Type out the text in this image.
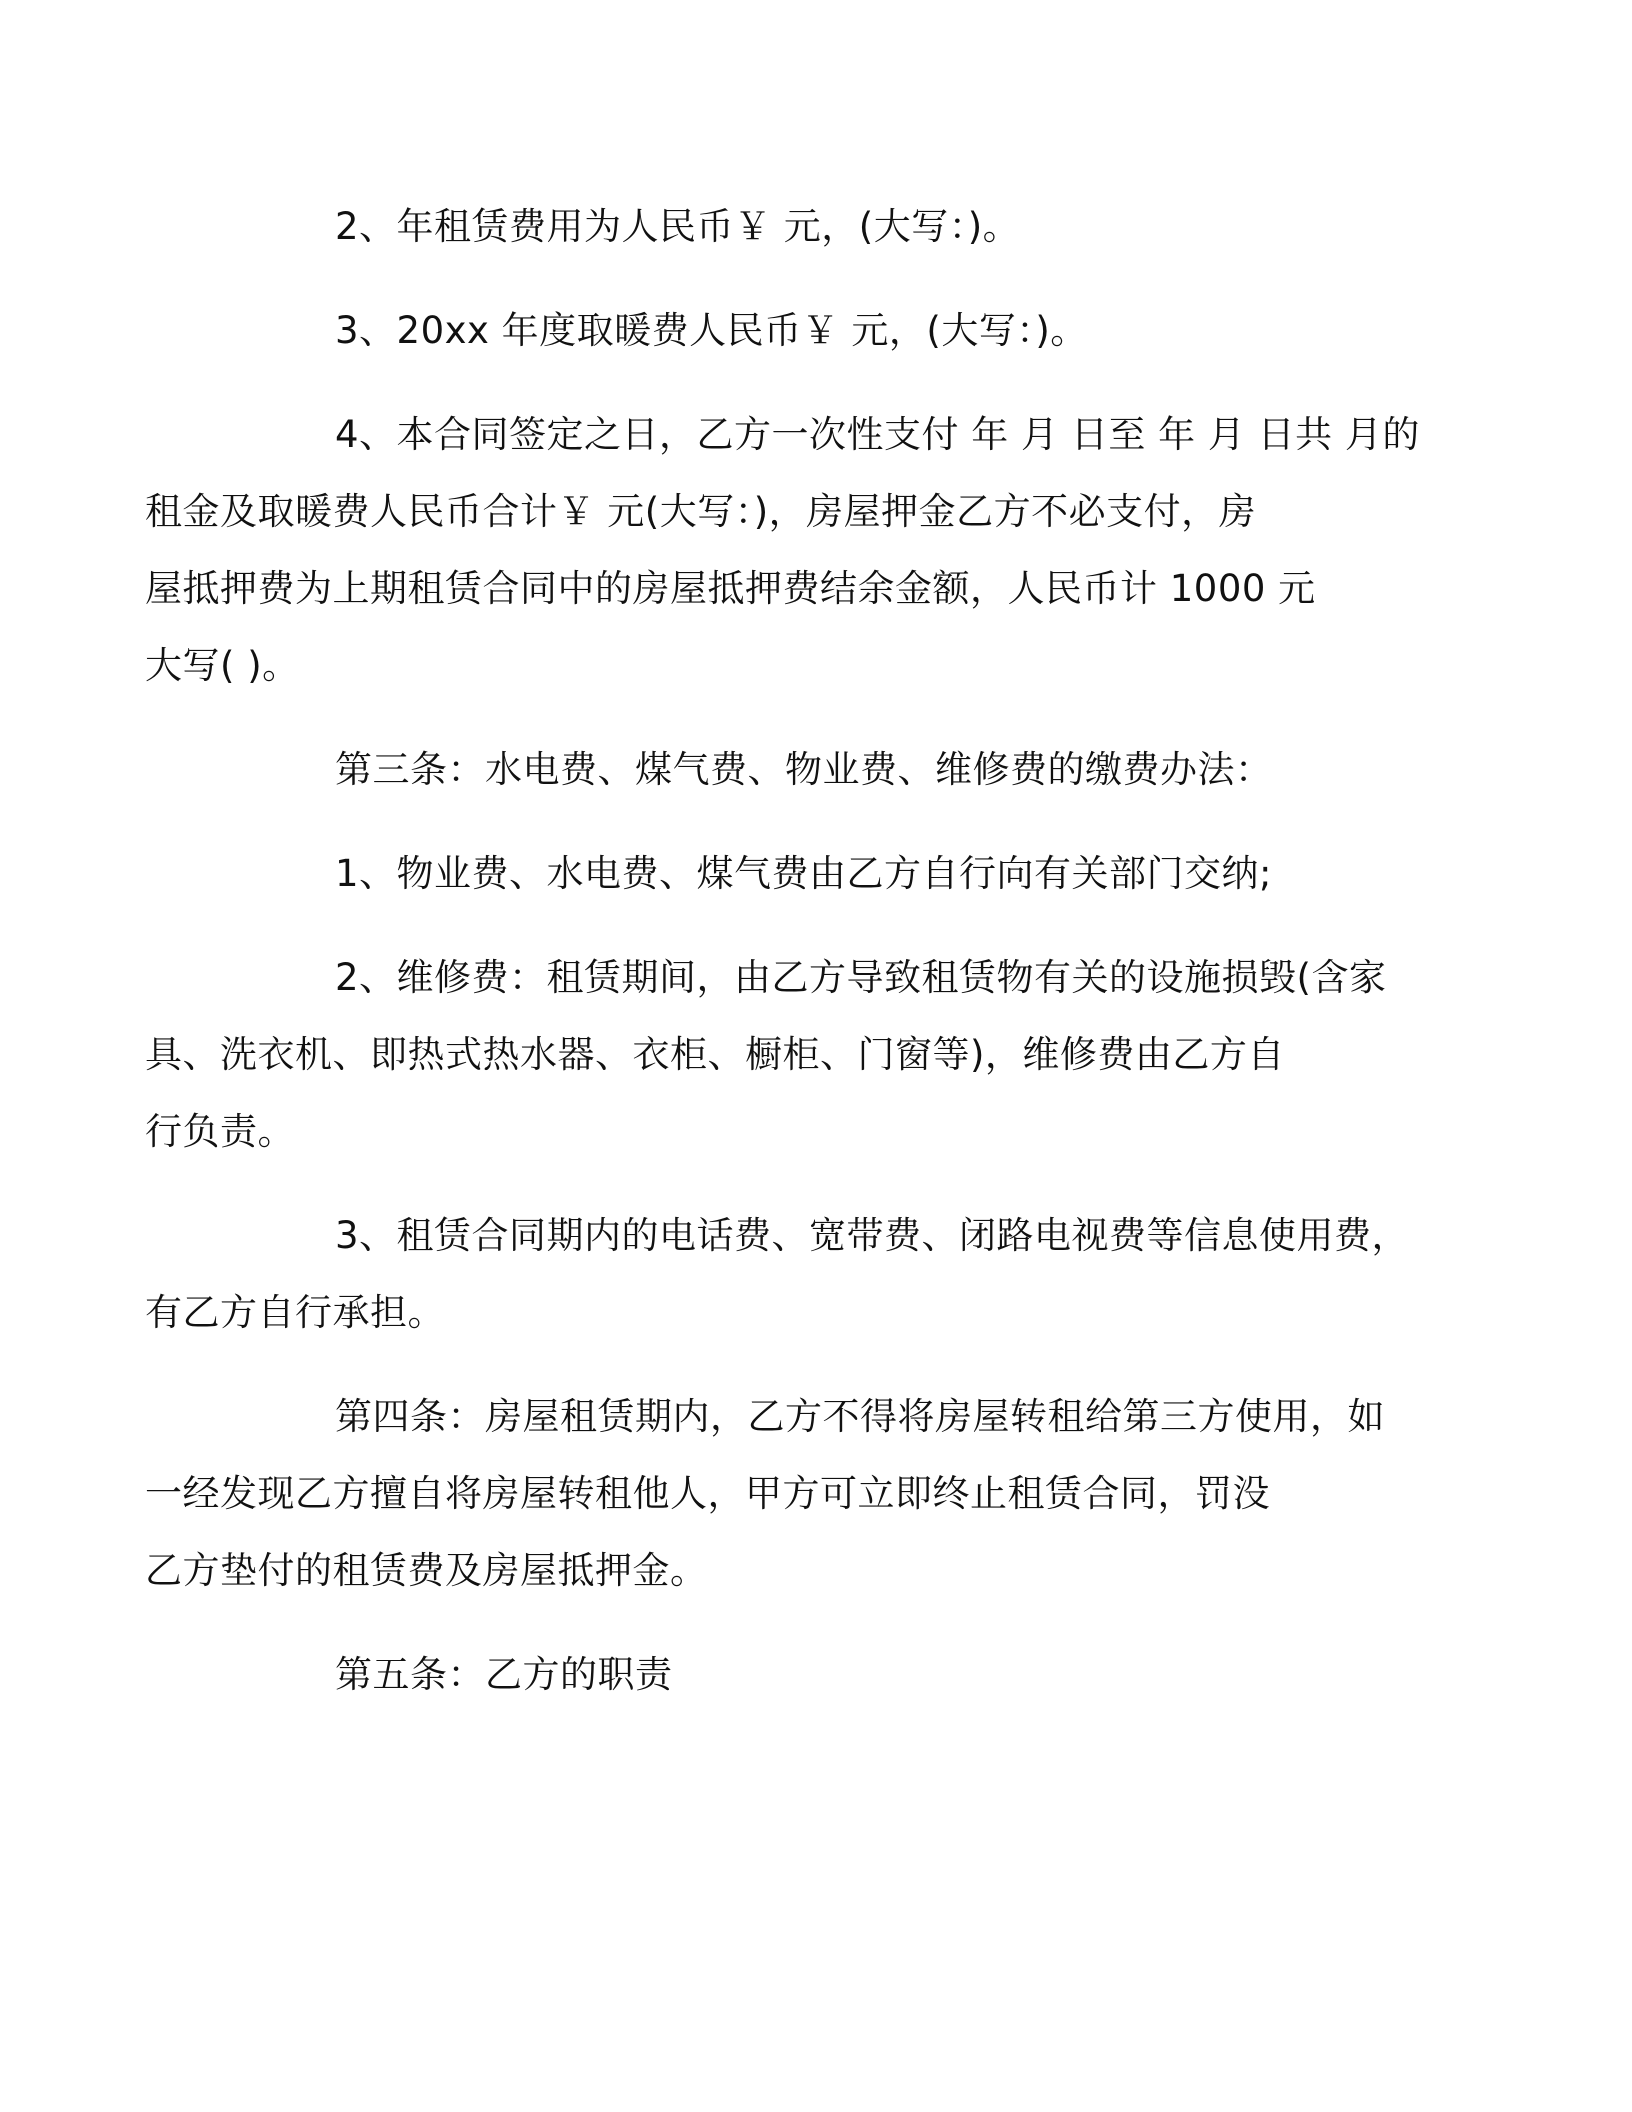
2、年租赁费用为人民币￥ 元，(大写：)。

3、20xx 年度取暖费人民币￥ 元，(大写：)。

4、本合同签定之日，乙方一次性支付 年 月 日至 年 月 日共 月的
租金及取暖费人民币合计￥ 元(大写：)，房屋押金乙方不必支付，房
屋抵押费为上期租赁合同中的房屋抵押费结余金额，人民币计 1000 元
大写( )。

第三条：水电费、煤气费、物业费、维修费的缴费办法：

1、物业费、水电费、煤气费由乙方自行向有关部门交纳;

2、维修费：租赁期间，由乙方导致租赁物有关的设施损毁(含家
具、洗衣机、即热式热水器、衣柜、橱柜、门窗等)，维修费由乙方自
行负责。

3、租赁合同期内的电话费、宽带费、闭路电视费等信息使用费，
有乙方自行承担。

第四条：房屋租赁期内，乙方不得将房屋转租给第三方使用，如
一经发现乙方擅自将房屋转租他人，甲方可立即终止租赁合同，罚没
乙方垫付的租赁费及房屋抵押金。

第五条：乙方的职责
